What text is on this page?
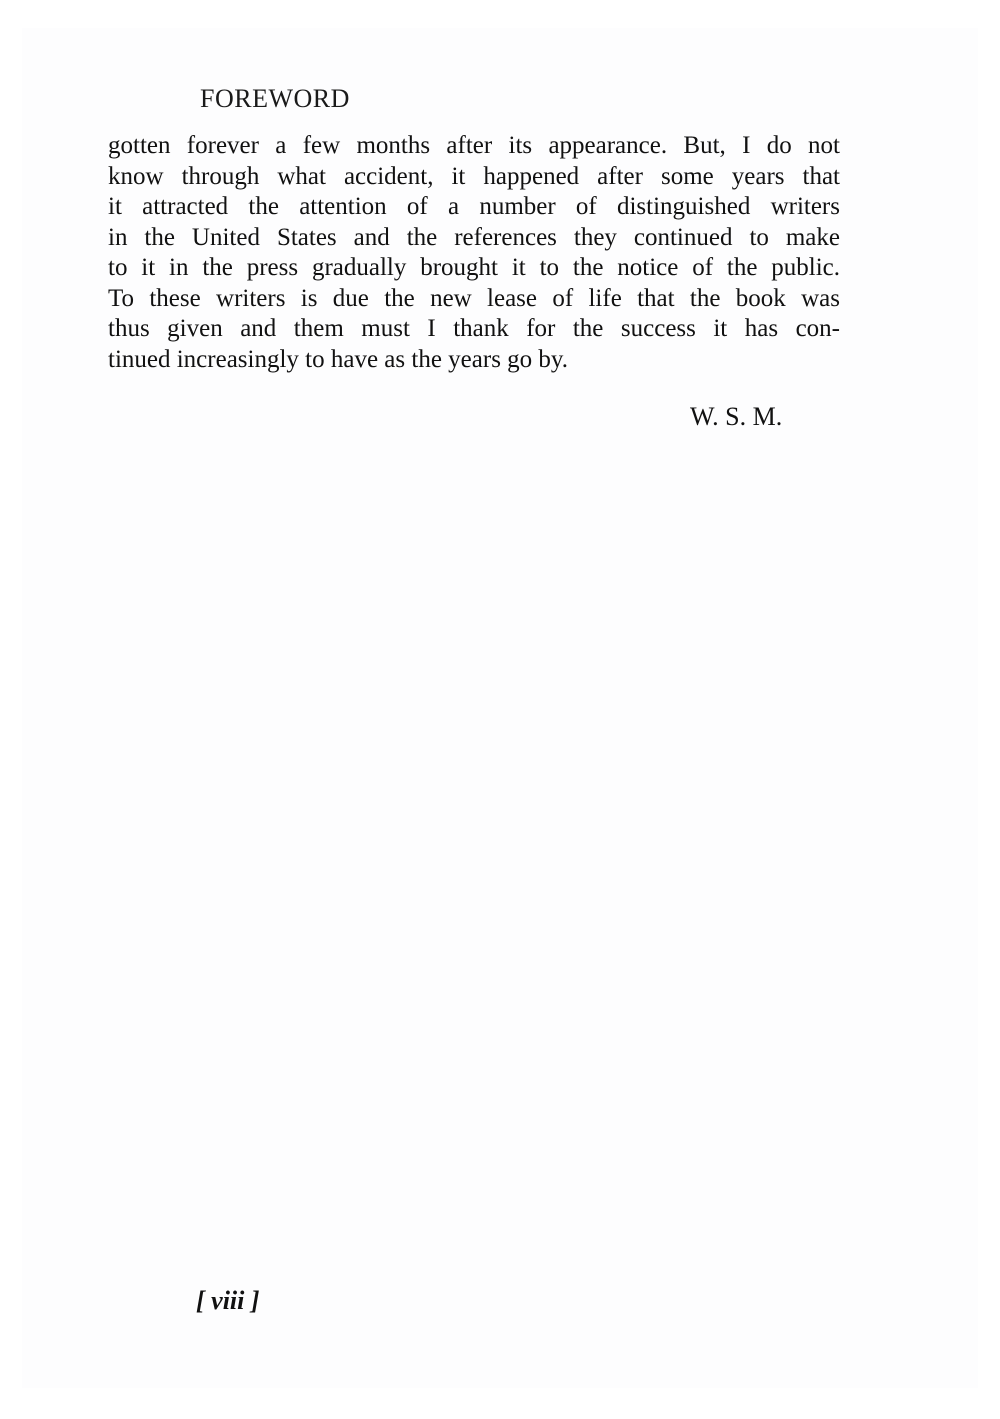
FOREWORD
gotten forever a few months after its appearance. But, I do not
know through what accident, it happened after some years that
it attracted the attention of a number of distinguished writers
in the United States and the references they continued to make
to it in the press gradually brought it to the notice of the public.
To these writers is due the new lease of life that the book was
thus given and them must I thank for the success it has con-
tinued increasingly to have as the years go by.

W. S. M.

[ viii ]
